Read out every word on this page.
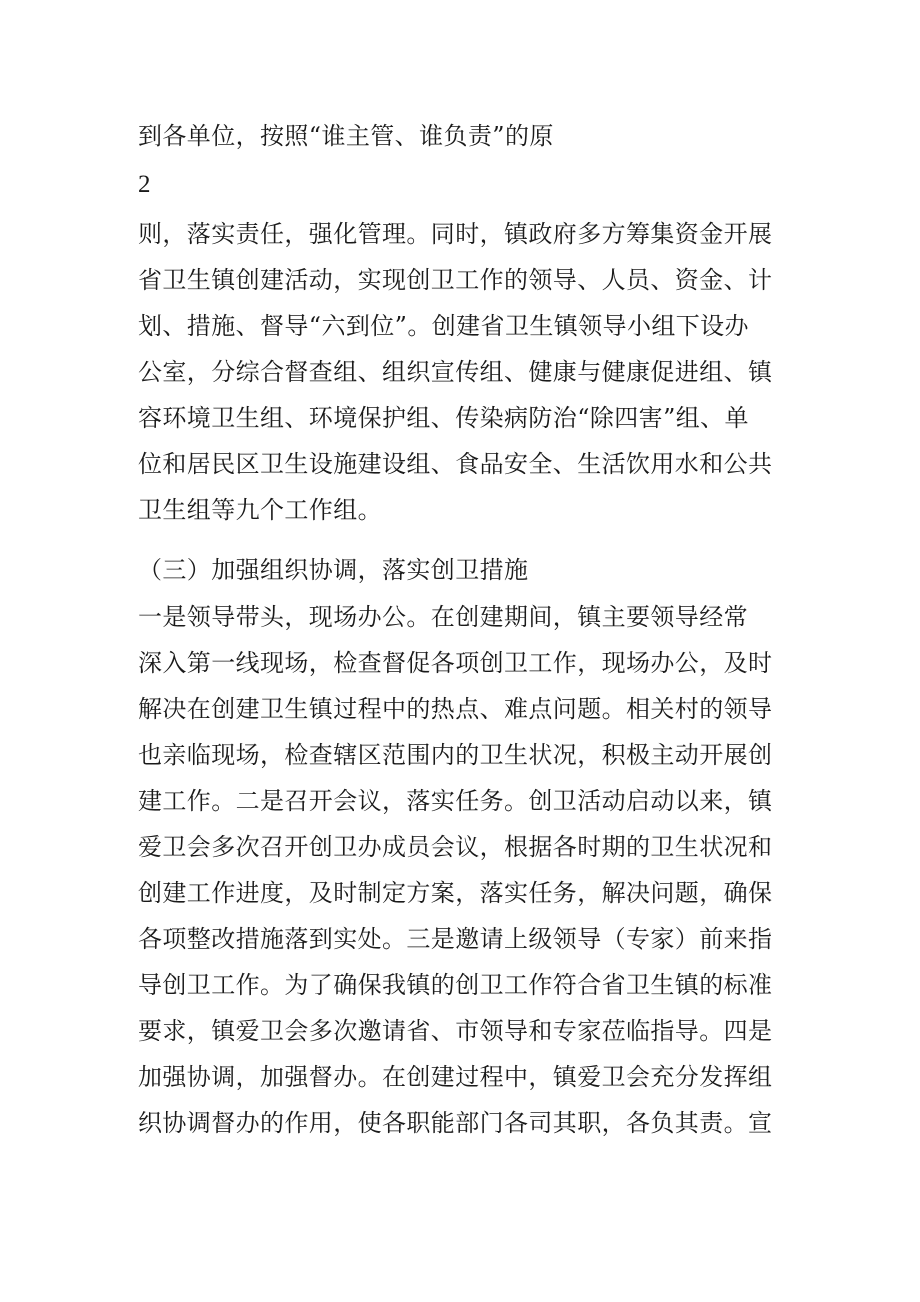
到各单位，按照“谁主管、谁负责”的原

2

则，落实责任，强化管理。同时，镇政府多方筹集资金开展

省卫生镇创建活动，实现创卫工作的领导、人员、资金、计

划、措施、督导“六到位”。创建省卫生镇领导小组下设办

公室，分综合督查组、组织宣传组、健康与健康促进组、镇

容环境卫生组、环境保护组、传染病防治“除四害”组、单

位和居民区卫生设施建设组、食品安全、生活饮用水和公共

卫生组等九个工作组。

（三）加强组织协调，落实创卫措施

一是领导带头，现场办公。在创建期间，镇主要领导经常

深入第一线现场，检查督促各项创卫工作，现场办公，及时

解决在创建卫生镇过程中的热点、难点问题。相关村的领导

也亲临现场，检查辖区范围内的卫生状况，积极主动开展创

建工作。二是召开会议，落实任务。创卫活动启动以来，镇

爱卫会多次召开创卫办成员会议，根据各时期的卫生状况和

创建工作进度，及时制定方案，落实任务，解决问题，确保

各项整改措施落到实处。三是邀请上级领导（专家）前来指

导创卫工作。为了确保我镇的创卫工作符合省卫生镇的标准

要求，镇爱卫会多次邀请省、市领导和专家莅临指导。四是

加强协调，加强督办。在创建过程中，镇爱卫会充分发挥组

织协调督办的作用，使各职能部门各司其职，各负其责。宣
